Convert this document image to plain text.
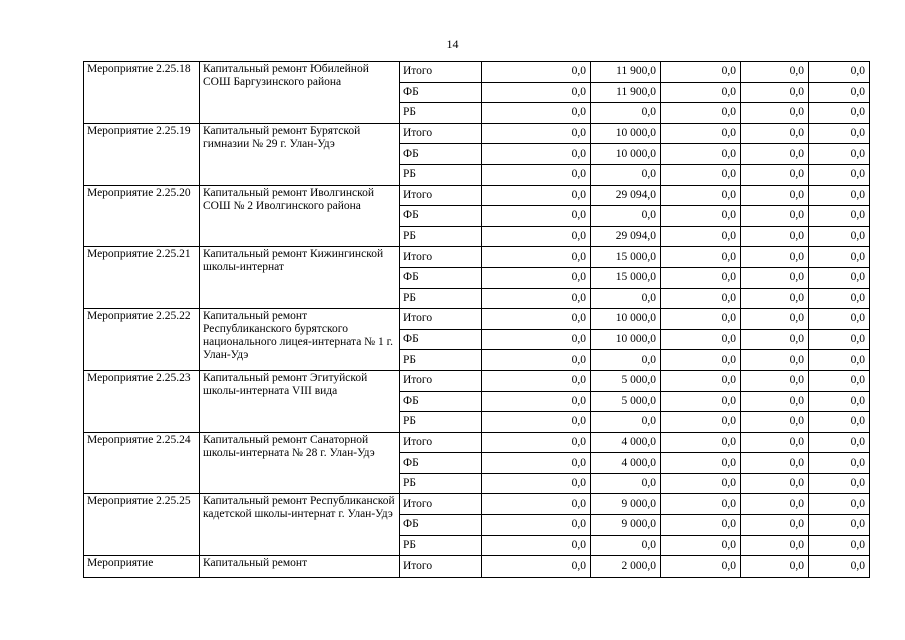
14
Мероприятие 2.25.18	Капитальный ремонт Юбилейной СОШ Баргузинского района	Итого	0,0	11 900,0	0,0	0,0	0,0
		ФБ	0,0	11 900,0	0,0	0,0	0,0
		РБ	0,0	0,0	0,0	0,0	0,0
Мероприятие 2.25.19	Капитальный ремонт Бурятской гимназии № 29 г. Улан-Удэ	Итого	0,0	10 000,0	0,0	0,0	0,0
		ФБ	0,0	10 000,0	0,0	0,0	0,0
		РБ	0,0	0,0	0,0	0,0	0,0
Мероприятие 2.25.20	Капитальный ремонт Иволгинской СОШ № 2 Иволгинского района	Итого	0,0	29 094,0	0,0	0,0	0,0
		ФБ	0,0	0,0	0,0	0,0	0,0
		РБ	0,0	29 094,0	0,0	0,0	0,0
Мероприятие 2.25.21	Капитальный ремонт Кижингинской школы-интернат	Итого	0,0	15 000,0	0,0	0,0	0,0
		ФБ	0,0	15 000,0	0,0	0,0	0,0
		РБ	0,0	0,0	0,0	0,0	0,0
Мероприятие 2.25.22	Капитальный ремонт Республиканского бурятского национального лицея-интерната № 1 г. Улан-Удэ	Итого	0,0	10 000,0	0,0	0,0	0,0
		ФБ	0,0	10 000,0	0,0	0,0	0,0
		РБ	0,0	0,0	0,0	0,0	0,0
Мероприятие 2.25.23	Капитальный ремонт Эгитуйской школы-интерната VIII вида	Итого	0,0	5 000,0	0,0	0,0	0,0
		ФБ	0,0	5 000,0	0,0	0,0	0,0
		РБ	0,0	0,0	0,0	0,0	0,0
Мероприятие 2.25.24	Капитальный ремонт Санаторной школы-интерната № 28 г. Улан-Удэ	Итого	0,0	4 000,0	0,0	0,0	0,0
		ФБ	0,0	4 000,0	0,0	0,0	0,0
		РБ	0,0	0,0	0,0	0,0	0,0
Мероприятие 2.25.25	Капитальный ремонт Республиканской кадетской школы-интернат г. Улан-Удэ	Итого	0,0	9 000,0	0,0	0,0	0,0
		ФБ	0,0	9 000,0	0,0	0,0	0,0
		РБ	0,0	0,0	0,0	0,0	0,0
Мероприятие	Капитальный ремонт	Итого	0,0	2 000,0	0,0	0,0	0,0
